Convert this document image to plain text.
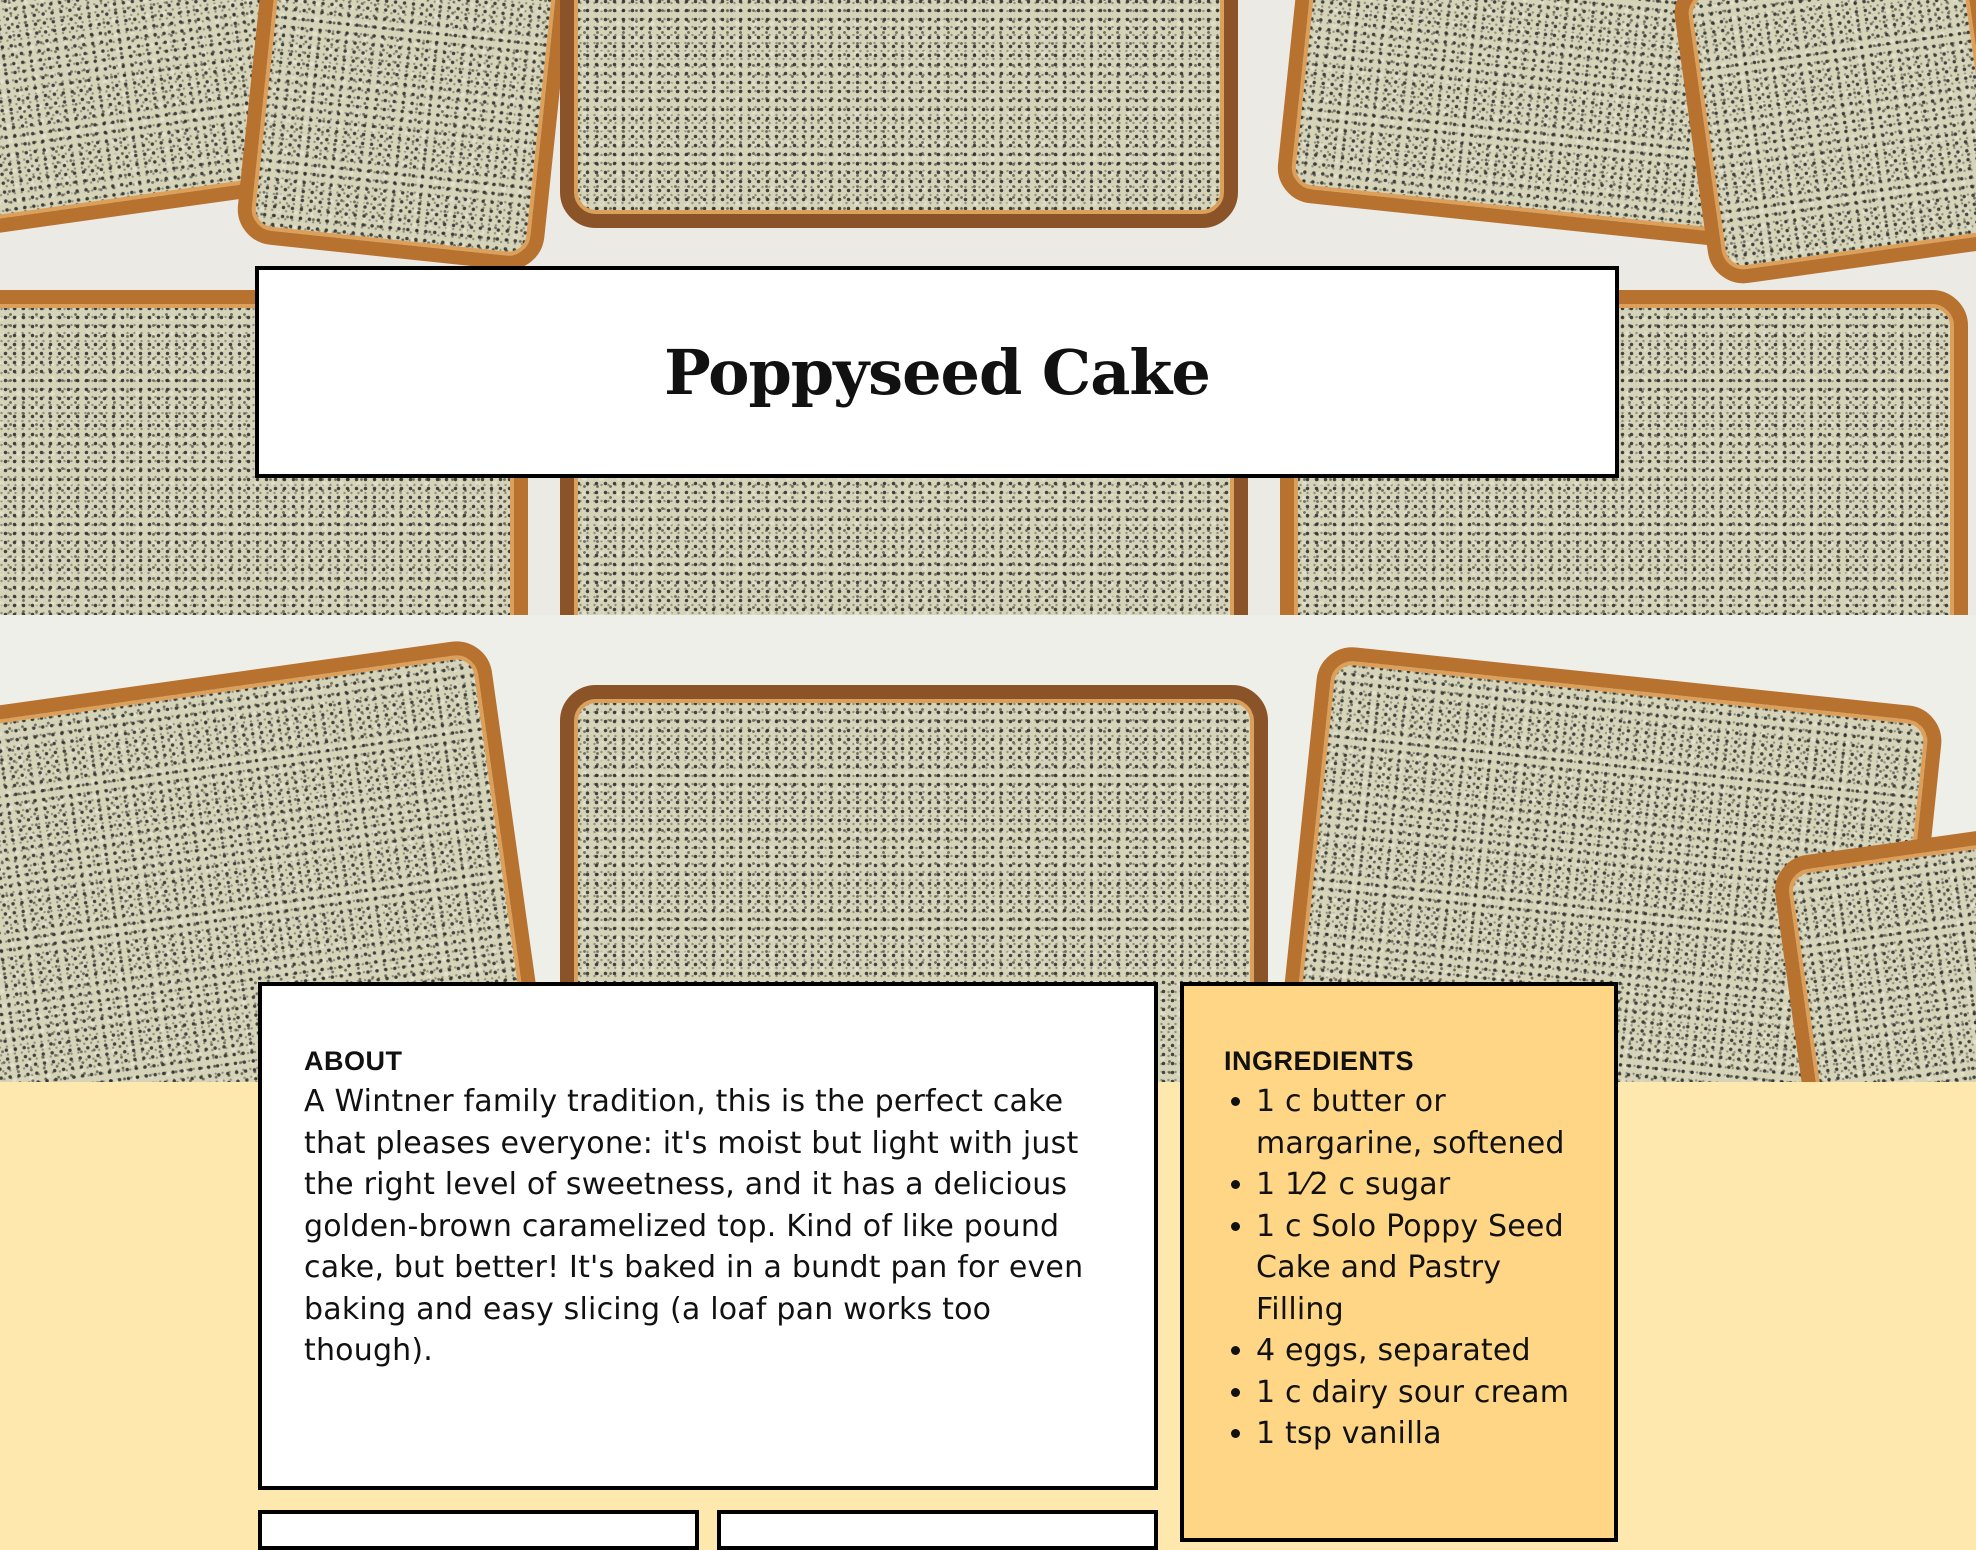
Poppyseed Cake
ABOUT

A Wintner family tradition, this is the perfect cake that pleases everyone: it's moist but light with just the right level of sweetness, and it has a delicious golden-brown caramelized top. Kind of like pound cake, but better! It's baked in a bundt pan for even baking and easy slicing (a loaf pan works too though).

INGREDIENTS
• 1 c butter or margarine, softened
• 1 1⁄2 c sugar
• 1 c Solo Poppy Seed Cake and Pastry Filling
• 4 eggs, separated
• 1 c dairy sour cream
• 1 tsp vanilla
